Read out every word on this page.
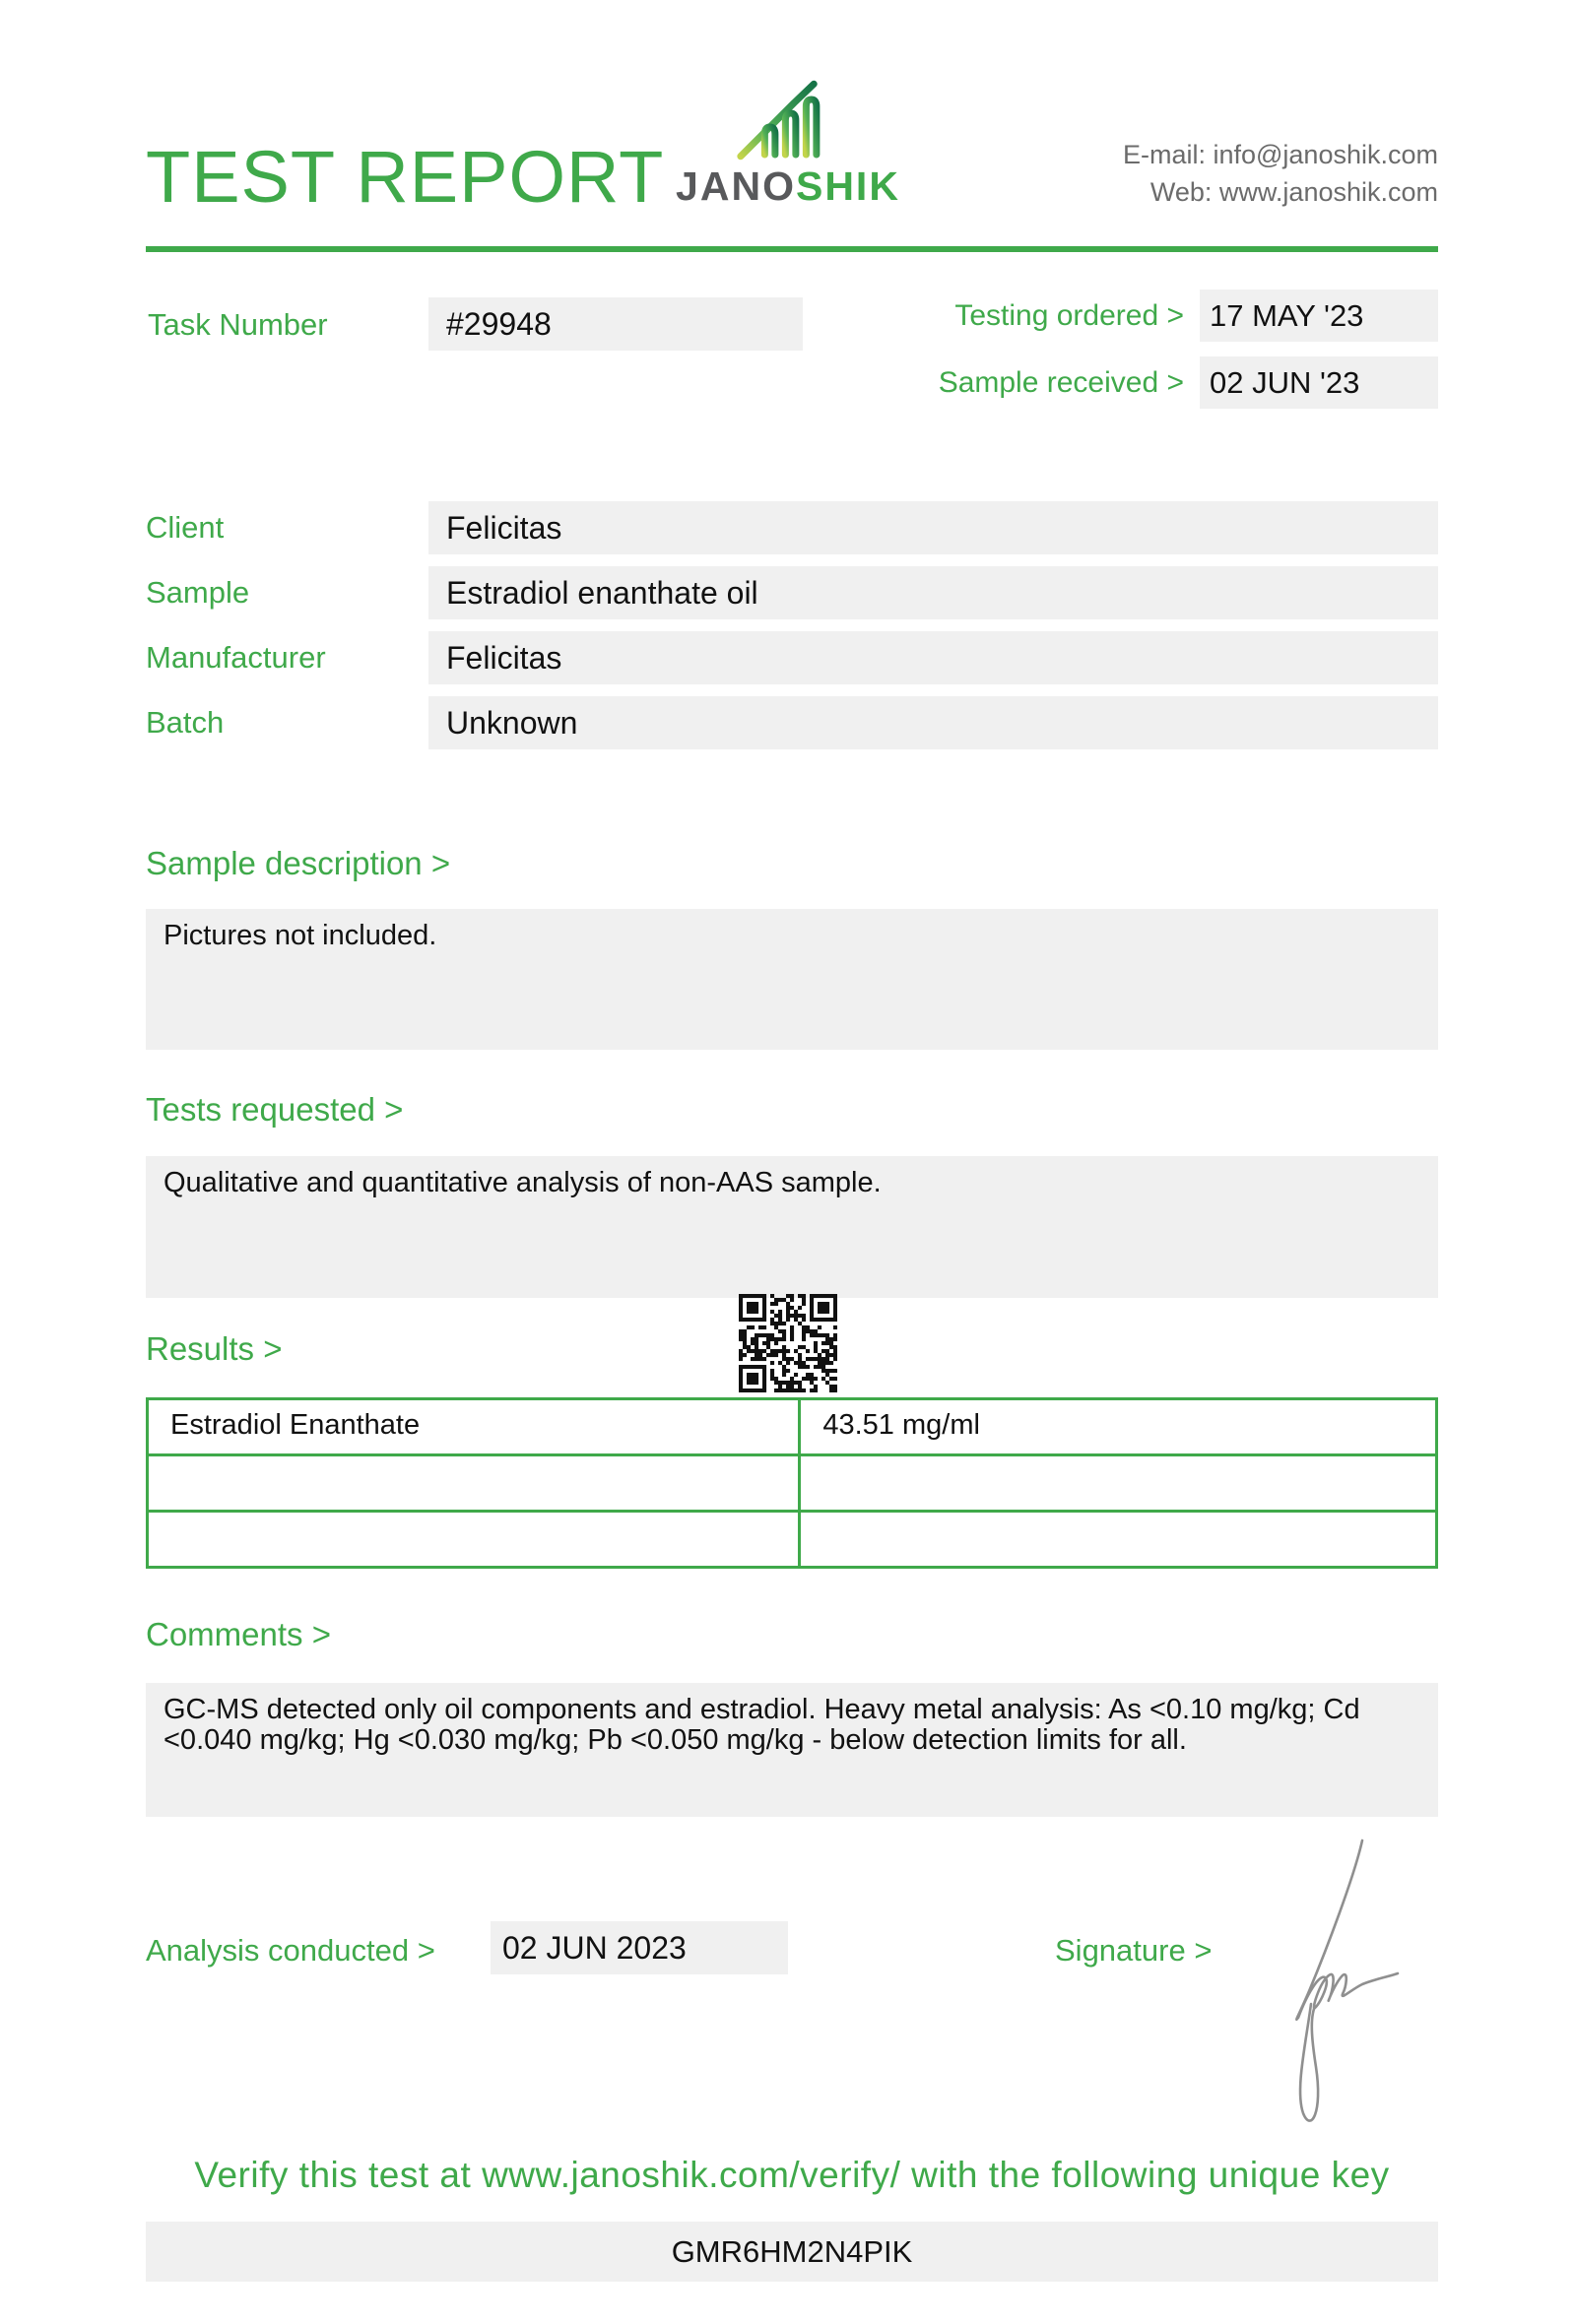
TEST REPORT JANOSHIK
E-mail: info@janoshik.com
Web: www.janoshik.com
Task Number	#29948	Testing ordered > 17 MAY '23
Sample received > 02 JUN '23
Client	Felicitas
Sample	Estradiol enanthate oil
Manufacturer	Felicitas
Batch	Unknown
Sample description >
Pictures not included.
Tests requested >
Qualitative and quantitative analysis of non-AAS sample.
Results >
Estradiol Enanthate	43.51 mg/ml

Comments >
GC-MS detected only oil components and estradiol. Heavy metal analysis: As <0.10 mg/kg; Cd <0.040 mg/kg; Hg <0.030 mg/kg; Pb <0.050 mg/kg - below detection limits for all.
Analysis conducted >	02 JUN 2023	Signature >
Verify this test at www.janoshik.com/verify/ with the following unique key
GMR6HM2N4PIK
